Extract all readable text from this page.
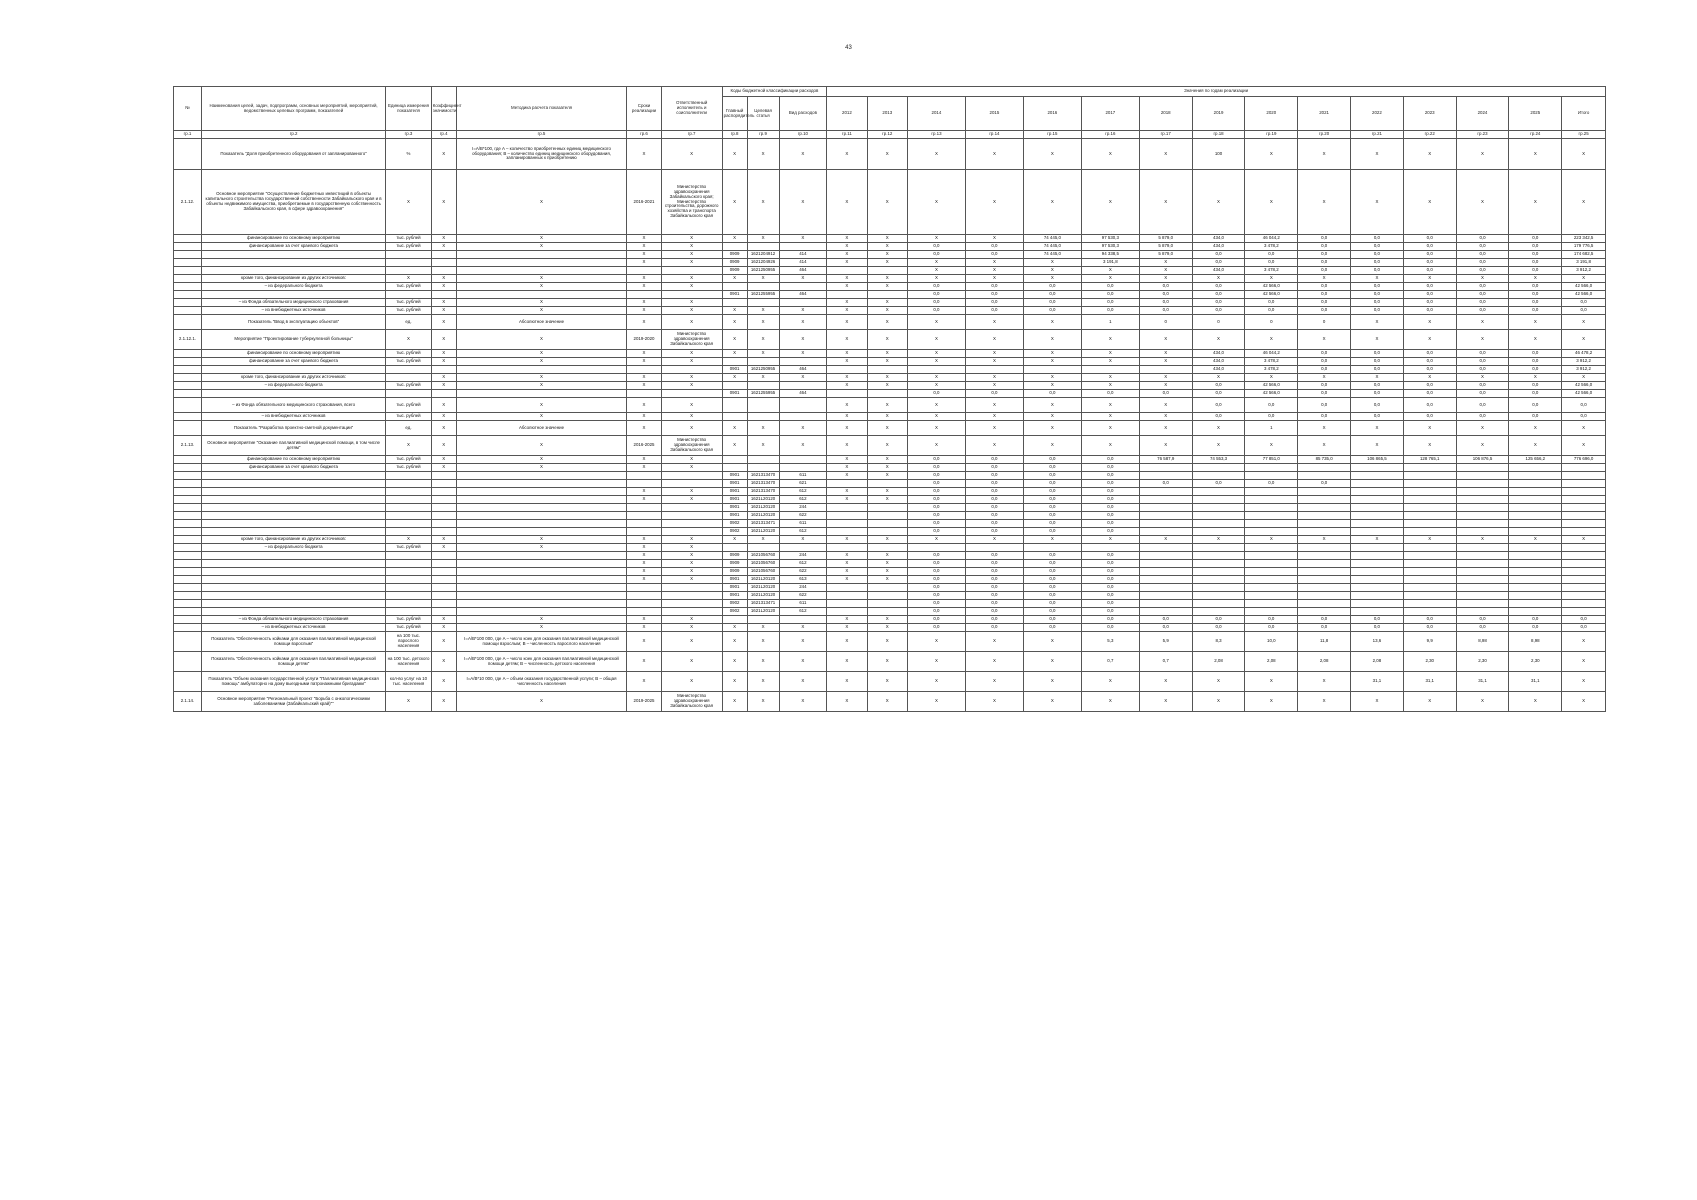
43
№	Наименования целей, задач, подпрограмм, основных мероприятий, мероприятий, ведомственных целевых программ, показателей	Единица измерения показателя	Коэффициент значимости	Методика расчета показателя	Сроки реализации	Ответственный исполнитель и соисполнители	Коды бюджетной классификации расходов			Значения по годам реализации														
							Главный распорядитель	Целевая статья	Вид расходов	2012	2013	2014	2015	2016	2017	2018	2019	2020	2021	2022	2023	2024	2025	Итого
гр.1	гр.2	гр.3	гр.4	гр.5	гр.6	гр.7	гр.8	гр.9	гр.10	гр.11	гр.12	гр.13	гр.14	гр.15	гр.16	гр.17	гр.18	гр.19	гр.20	гр.21	гр.22	гр.23	гр.24	гр.25
	Показатель "Доля приобретенного оборудования от запланированного"	%	X	I=A/B*100, где A – количество приобретенных единиц медицинского оборудования; B – количество единиц медицинского оборудования, запланированных к приобретению	X	X	X	X	X	X	X	X	X	X	X	X	100	X	X	X	X	X	X	X
2.1.12.	Основное мероприятие "Осуществление бюджетных инвестиций в объекты капитального строительства государственной собственности Забайкальского края и в объекты недвижимого имущества, приобретаемые в государственную собственность Забайкальского края, в сфере здравоохранения"	X	X	X	2016-2021	Министерство здравоохранения Забайкальского края; Министерство строительства, дорожного хозяйства и транспорта Забайкальского края	X	X	X	X	X	X	X	X	X	X	X	X	X	X	X	X	X	X
	финансирование по основному мероприятию	тыс. рублей	X	X	X	X	X	X	X	X	X	X	X	74 445,0	97 530,3	5 879,0	434,0	46 044,2	0,0	0,0	0,0	0,0	0,0	223 342,5
	финансирование за счет краевого бюджета	тыс. рублей	X	X	X	X				X	X	0,0	0,0	74 445,0	97 530,3	5 879,0	434,0	3 478,2	0,0	0,0	0,0	0,0	0,0	179 776,5
					X	X	0909	1621204912	414	X	X	0,0	0,0	74 445,0	94 338,5	5 879,0	0,0	0,0	0,0	0,0	0,0	0,0	0,0	174 682,5
					X	X	0909	1621204926	414	X	X	X	X	X	3 191,8	X	0,0	0,0	0,0	0,0	0,0	0,0	0,0	3 191,8
							0909	1621250955	464			X	X	X	X	X	434,0	3 478,2	0,0	0,0	0,0	0,0	0,0	3 912,2
	кроме того, финансирование из других источников:	X	X	X	X	X	X	X	X	X	X	X	X	X	X	X	X	X	X	X	X	X	X	X
	– из федерального бюджета	тыс. рублей	X	X	X	X				X	X	0,0	0,0	0,0	0,0	0,0	0,0	42 566,0	0,0	0,0	0,0	0,0	0,0	42 566,0
							0901	1621255955	464			0,0	0,0	0,0	0,0	0,0	0,0	42 566,0	0,0	0,0	0,0	0,0	0,0	42 566,0
	– из Фонда обязательного медицинского страхования	тыс. рублей	X	X	X	X				X	X	0,0	0,0	0,0	0,0	0,0	0,0	0,0	0,0	0,0	0,0	0,0	0,0	0,0
	– из внебюджетных источников	тыс. рублей	X	X	X	X	X	X	X	X	X	0,0	0,0	0,0	0,0	0,0	0,0	0,0	0,0	0,0	0,0	0,0	0,0	0,0
	Показатель "Ввод в эксплуатацию объектов"	ед.	X	Абсолютное значение	X	X	X	X	X	X	X	X	X	X	1	0	0	0	0	X	X	X	X	X
2.1.12.1.	Мероприятие "Проектирование туберкулезной больницы"	X	X	X	2019-2020	Министерство здравоохранения Забайкальского края	X	X	X	X	X	X	X	X	X	X	X	X	X	X	X	X	X	X
	финансирование по основному мероприятию	тыс. рублей	X	X	X	X	X	X	X	X	X	X	X	X	X	X	434,0	46 044,2	0,0	0,0	0,0	0,0	0,0	46 478,2
	финансирование за счет краевого бюджета	тыс. рублей	X	X	X	X				X	X	X	X	X	X	X	434,0	3 478,2	0,0	0,0	0,0	0,0	0,0	3 912,2
							0901	1621250955	464								434,0	3 478,2	0,0	0,0	0,0	0,0	0,0	3 912,2
	кроме того, финансирование из других источников:		X	X	X	X	X	X	X	X	X	X	X	X	X	X	X	X	X	X	X	X	X	X
	– из федерального бюджета	тыс. рублей	X	X	X	X				X	X	X	X	X	X	X	0,0	42 566,0	0,0	0,0	0,0	0,0	0,0	42 566,0
							0901	1621255955	464			0,0	0,0	0,0	0,0	0,0	0,0	42 566,0	0,0	0,0	0,0	0,0	0,0	42 566,0
	– из Фонда обязательного медицинского страхования, всего	тыс. рублей	X	X	X	X				X	X	X	X	X	X	X	0,0	0,0	0,0	0,0	0,0	0,0	0,0	0,0
	– из внебюджетных источников	тыс. рублей	X	X	X	X				X	X	X	X	X	X	X	0,0	0,0	0,0	0,0	0,0	0,0	0,0	0,0
	Показатель "Разработка проектно-сметной документации"	ед.	X	Абсолютное значение	X	X	X	X	X	X	X	X	X	X	X	X	X	1	X	X	X	X	X	X
2.1.13.	Основное мероприятие "Оказание паллиативной медицинской помощи, в том числе детям"	X	X	X	2016-2025	Министерство здравоохранения Забайкальского края	X	X	X	X	X	X	X	X	X	X	X	X	X	X	X	X	X	X
	финансирование по основному мероприятию	тыс. рублей	X	X	X	X				X	X	0,0	0,0	0,0	0,0	76 587,9	74 553,3	77 851,0	85 735,0	106 865,5	128 765,1	106 876,5	125 656,2	776 696,0
	финансирование за счет краевого бюджета	тыс. рублей	X	X	X	X				X	X	0,0	0,0	0,0	0,0									
							0901	1621313470	611	X	X	0,0	0,0	0,0	0,0									
							0901	1621313470	621			0,0	0,0	0,0	0,0	0,0	0,0	0,0	0,0					
					X	X	0901	1621313470	612	X	X	0,0	0,0	0,0	0,0									
					X	X	0901	1621L20120	612	X	X	0,0	0,0	0,0	0,0									
							0901	1621L20120	244			0,0	0,0	0,0	0,0									
							0901	1621L20120	622			0,0	0,0	0,0	0,0									
							0902	1621313471	611			0,0	0,0	0,0	0,0									
							0902	1621L20120	612			0,0	0,0	0,0	0,0									
	кроме того, финансирование из других источников:	X	X	X	X	X	X	X	X	X	X	X	X	X	X	X	X	X	X	X	X	X	X	X
	– из федерального бюджета	тыс. рублей	X	X	X	X																		
					X	X	0909	1621056760	244	X	X	0,0	0,0	0,0	0,0									
					X	X	0909	1621056760	612	X	X	0,0	0,0	0,0	0,0									
					X	X	0909	1621056760	622	X	X	0,0	0,0	0,0	0,0									
					X	X	0901	1621L20120	613	X	X	0,0	0,0	0,0	0,0									
							0901	1621L20120	244			0,0	0,0	0,0	0,0									
							0901	1621L20120	622			0,0	0,0	0,0	0,0									
							0902	1621313471	611			0,0	0,0	0,0	0,0									
							0902	1621L20120	612			0,0	0,0	0,0	0,0									
	– из Фонда обязательного медицинского страхования	тыс. рублей	X	X	X	X				X	X	0,0	0,0	0,0	0,0	0,0	0,0	0,0	0,0	0,0	0,0	0,0	0,0	0,0
	– из внебюджетных источников	тыс. рублей	X	X	X	X	X	X	X	X	X	0,0	0,0	0,0	0,0	0,0	0,0	0,0	0,0	0,0	0,0	0,0	0,0	0,0
	Показатель "Обеспеченность койками для оказания паллиативной медицинской помощи взрослым"	на 100 тыс. взрослого населения	X	I=A/B*100 000, где A – число коек для оказания паллиативной медицинской помощи взрослым; B – численность взрослого населения	X	X	X	X	X	X	X	X	X	X	5,3	5,9	8,3	10,0	11,8	13,6	9,9	8,98	8,98	X
	Показатель "Обеспеченность койками для оказания паллиативной медицинской помощи детям"	на 100 тыс. детского населения	X	I=A/B*100 000, где A – число коек для оказания паллиативной медицинской помощи детям; B – численность детского населения	X	X	X	X	X	X	X	X	X	X	0,7	0,7	2,08	2,08	2,08	2,08	2,30	2,30	2,30	X
	Показатель "Объем оказания государственной услуги "Паллиативная медицинская помощь" амбулаторно на дому выездными патронажными бригадами"	кол-во услуг на 10 тыс. населения	X	I=A/B*10 000, где A – объем оказания государственной услуги; B – общая численность населения	X	X	X	X	X	X	X	X	X	X	X	X	X	X	X	31,1	31,1	31,1	31,1	X
2.1.14.	Основное мероприятие "Региональный проект "Борьба с онкологическими заболеваниями (Забайкальский край)""	X	X	X	2019-2025	Министерство здравоохранения Забайкальского края	X	X	X	X	X	X	X	X	X	X	X	X	X	X	X	X	X	X
